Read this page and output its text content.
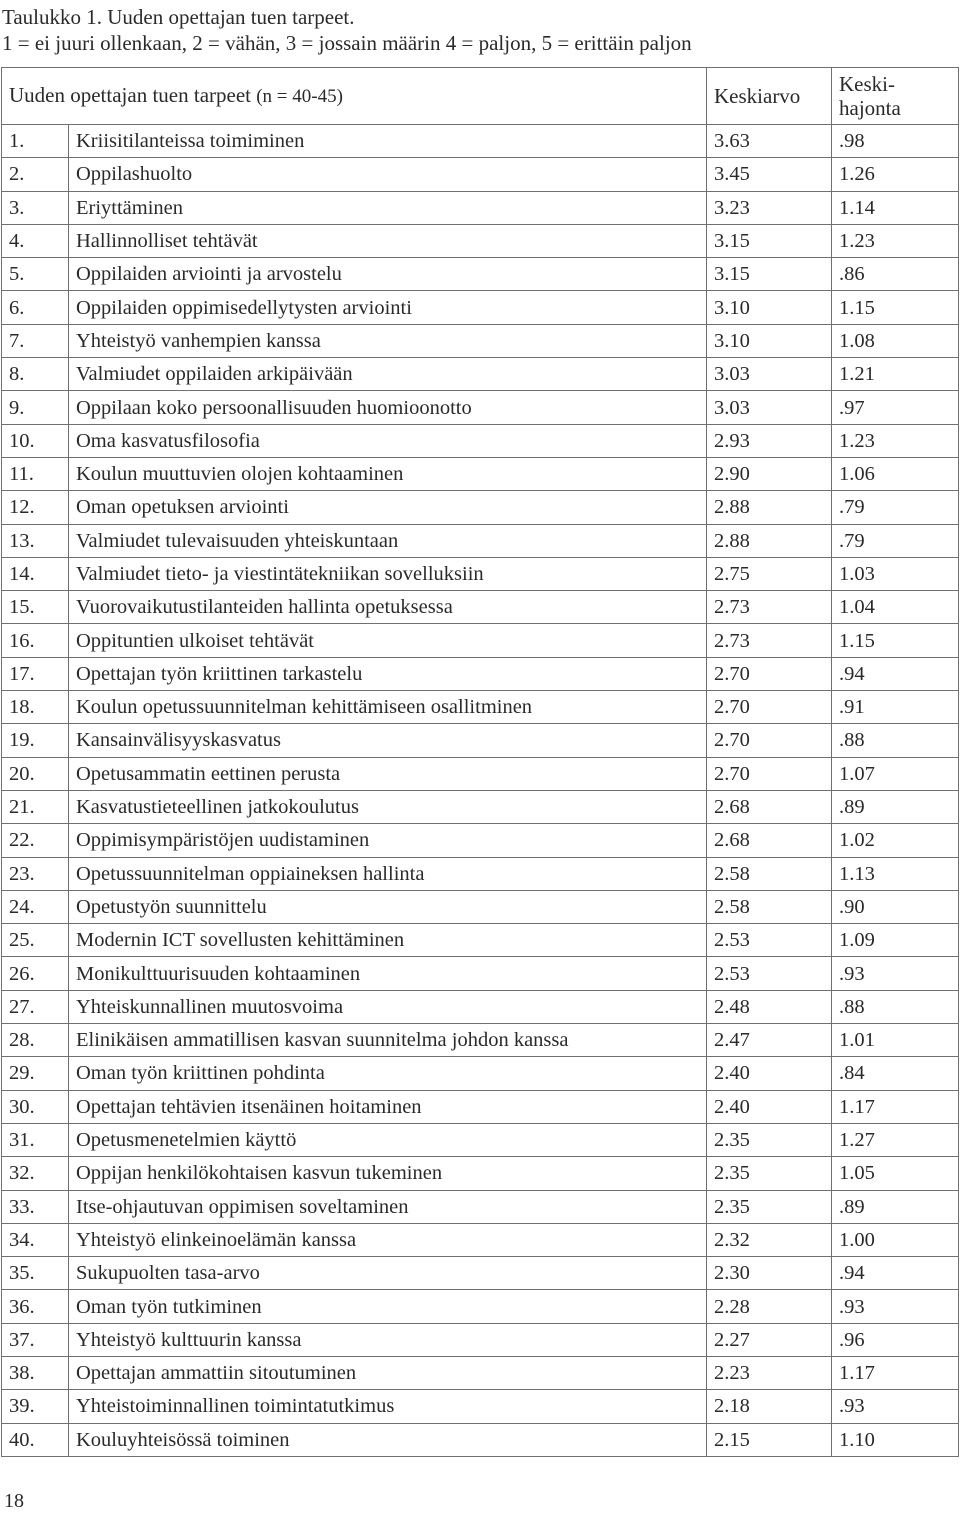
Taulukko 1. Uuden opettajan tuen tarpeet.
1 = ei juuri ollenkaan, 2 = vähän, 3 = jossain määrin 4 = paljon, 5 = erittäin paljon
Uuden opettajan tuen tarpeet (n = 40-45)		Keskiarvo	Keski-
hajonta
1.	Kriisitilanteissa toimiminen	3.63	.98
2.	Oppilashuolto	3.45	1.26
3.	Eriyttäminen	3.23	1.14
4.	Hallinnolliset tehtävät	3.15	1.23
5.	Oppilaiden arviointi ja arvostelu	3.15	.86
6.	Oppilaiden oppimisedellytysten arviointi	3.10	1.15
7.	Yhteistyö vanhempien kanssa	3.10	1.08
8.	Valmiudet oppilaiden arkipäivään	3.03	1.21
9.	Oppilaan koko persoonallisuuden huomioonotto	3.03	.97
10.	Oma kasvatusfilosofia	2.93	1.23
11.	Koulun muuttuvien olojen kohtaaminen	2.90	1.06
12.	Oman opetuksen arviointi	2.88	.79
13.	Valmiudet tulevaisuuden yhteiskuntaan	2.88	.79
14.	Valmiudet tieto- ja viestintätekniikan sovelluksiin	2.75	1.03
15.	Vuorovaikutustilanteiden hallinta opetuksessa	2.73	1.04
16.	Oppituntien ulkoiset tehtävät	2.73	1.15
17.	Opettajan työn kriittinen tarkastelu	2.70	.94
18.	Koulun opetussuunnitelman kehittämiseen osallitminen	2.70	.91
19.	Kansainvälisyyskasvatus	2.70	.88
20.	Opetusammatin eettinen perusta	2.70	1.07
21.	Kasvatustieteellinen jatkokoulutus	2.68	.89
22.	Oppimisympäristöjen uudistaminen	2.68	1.02
23.	Opetussuunnitelman oppiaineksen hallinta	2.58	1.13
24.	Opetustyön suunnittelu	2.58	.90
25.	Modernin ICT sovellusten kehittäminen	2.53	1.09
26.	Monikulttuurisuuden kohtaaminen	2.53	.93
27.	Yhteiskunnallinen muutosvoima	2.48	.88
28.	Elinikäisen ammatillisen kasvan suunnitelma johdon kanssa	2.47	1.01
29.	Oman työn kriittinen pohdinta	2.40	.84
30.	Opettajan tehtävien itsenäinen hoitaminen	2.40	1.17
31.	Opetusmenetelmien käyttö	2.35	1.27
32.	Oppijan henkilökohtaisen kasvun tukeminen	2.35	1.05
33.	Itse-ohjautuvan oppimisen soveltaminen	2.35	.89
34.	Yhteistyö elinkeinoelämän kanssa	2.32	1.00
35.	Sukupuolten tasa-arvo	2.30	.94
36.	Oman työn tutkiminen	2.28	.93
37.	Yhteistyö kulttuurin kanssa	2.27	.96
38.	Opettajan ammattiin sitoutuminen	2.23	1.17
39.	Yhteistoiminnallinen toimintatutkimus	2.18	.93
40.	Kouluyhteisössä toiminen	2.15	1.10
18
